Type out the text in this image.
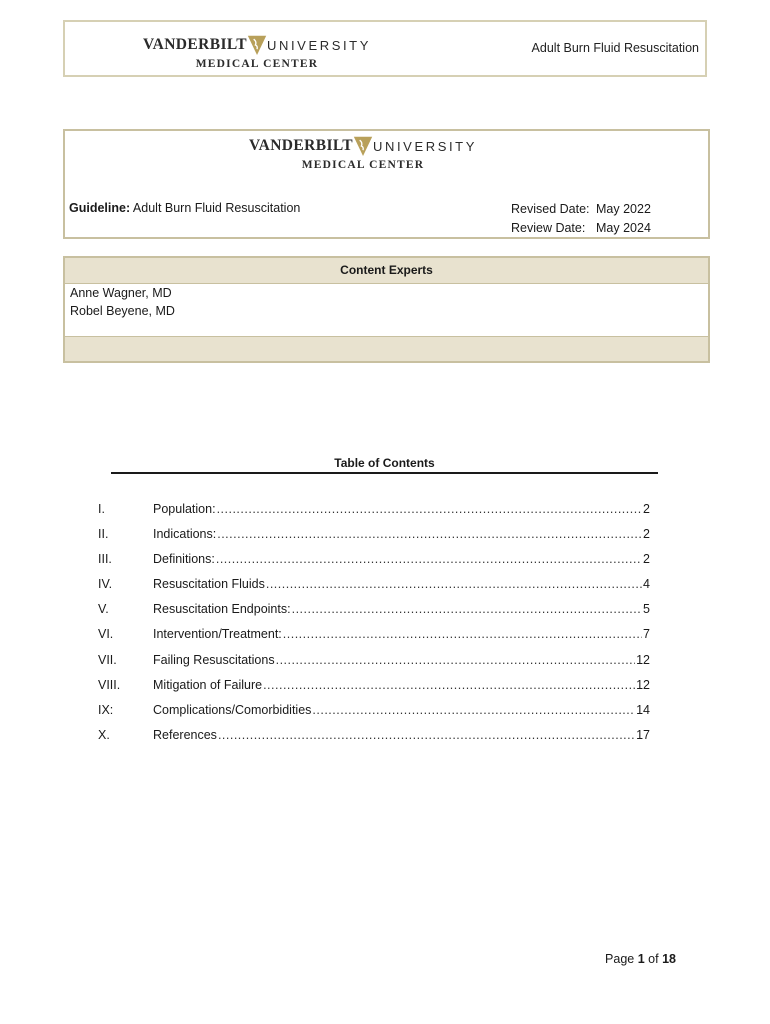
VANDERBILT UNIVERSITY
MEDICAL CENTER
Adult Burn Fluid Resuscitation
VANDERBILT UNIVERSITY
MEDICAL CENTER
Guideline: Adult Burn Fluid Resuscitation	Revised Date: May 2022
Review Date: May 2024
Content Experts
Anne Wagner, MD
Robel Beyene, MD
Table of Contents
I.	Population: .....	2
II.	Indications: .....	2
III.	Definitions: .....	2
IV.	Resuscitation Fluids .....	4
V.	Resuscitation Endpoints: .....	5
VI.	Intervention/Treatment: .....	7
VII.	Failing Resuscitations .....	12
VIII.	Mitigation of Failure .....	12
IX:	Complications/Comorbidities .....	14
X.	References .....	17
Page 1 of 18
